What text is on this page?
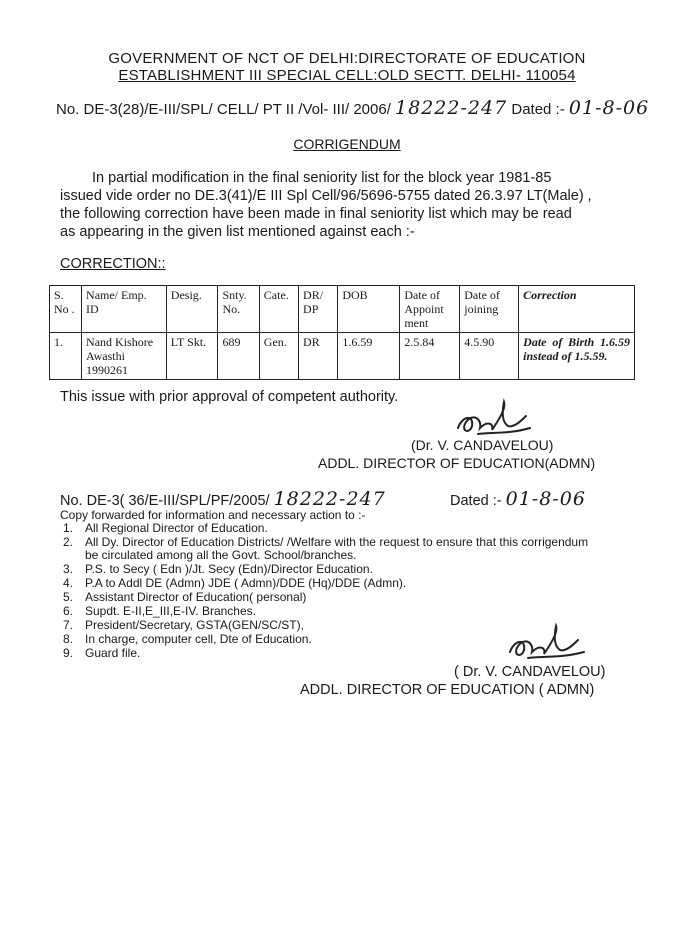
GOVERNMENT OF NCT OF DELHI:DIRECTORATE OF EDUCATION
ESTABLISHMENT III SPECIAL CELL:OLD SECTT. DELHI- 110054
No. DE-3(28)/E-III/SPL/ CELL/ PT II /Vol- III/ 2006/ 18222-247 Dated :- 01-8-06
CORRIGENDUM
In partial modification in the final seniority list for the block year 1981-85
issued vide order no DE.3(41)/E III Spl Cell/96/5696-5755 dated 26.3.97 LT(Male) ,
the following correction have been made in final seniority list which may be read
as appearing in the given list mentioned against each :-
CORRECTION::
S. No .	Name/ Emp. ID	Desig.	Snty. No.	Cate.	DR/ DP	DOB	Date of Appoint ment	Date of joining	Correction
1.	Nand Kishore Awasthi 1990261	LT Skt.	689	Gen.	DR	1.6.59	2.5.84	4.5.90	Date of Birth 1.6.59 instead of 1.5.59.
This issue with prior approval of competent authority.
(Dr. V. CANDAVELOU)
ADDL. DIRECTOR OF EDUCATION(ADMN)
No. DE-3( 36/E-III/SPL/PF/2005/ 18222-247	Dated :- 01-8-06
Copy forwarded for information and necessary action to :-
1. All Regional Director of Education.
2. All Dy. Director of Education Districts/ /Welfare with the request to ensure that this corrigendum
be circulated among all the Govt. School/branches.
3. P.S. to Secy ( Edn )/Jt. Secy (Edn)/Director Education.
4. P.A to Addl DE (Admn) JDE ( Admn)/DDE (Hq)/DDE (Admn).
5. Assistant Director of Education( personal)
6. Supdt. E-II,E_III,E-IV. Branches.
7. President/Secretary, GSTA(GEN/SC/ST),
8. In charge, computer cell, Dte of Education.
9. Guard file.
( Dr. V. CANDAVELOU)
ADDL. DIRECTOR OF EDUCATION ( ADMN)
